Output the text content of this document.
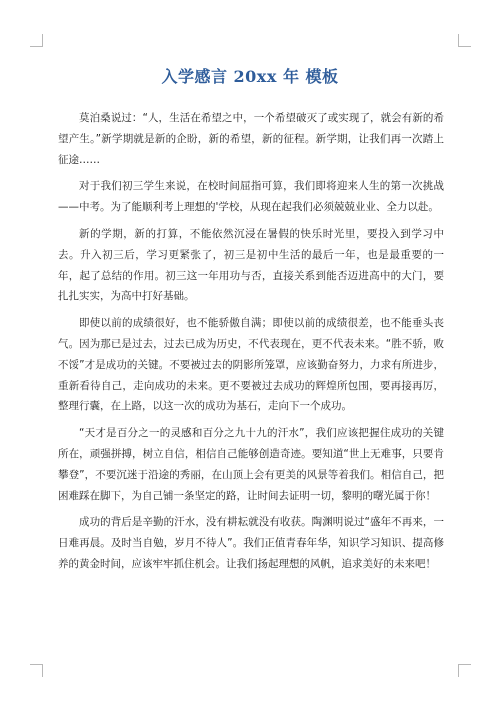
入学感言 20xx 年 模板

莫泊桑说过：“人，生活在希望之中，一个希望破灭了或实现了，就会有新的希望产生。”新学期就是新的企盼，新的希望，新的征程。新学期，让我们再一次踏上征途……

对于我们初三学生来说，在校时间屈指可算，我们即将迎来人生的第一次挑战——中考。为了能顺利考上理想的'学校，从现在起我们必须兢兢业业、全力以赴。

新的学期，新的打算，不能依然沉浸在暑假的快乐时光里，要投入到学习中去。升入初三后，学习更紧张了，初三是初中生活的最后一年，也是最重要的一年，起了总结的作用。初三这一年用功与否，直接关系到能否迈进高中的大门，要扎扎实实，为高中打好基础。

即使以前的成绩很好，也不能骄傲自满；即使以前的成绩很差，也不能垂头丧气。因为那已是过去，过去已成为历史，不代表现在，更不代表未来。“胜不骄，败不馁”才是成功的关键。不要被过去的阴影所笼罩，应该勤奋努力，力求有所进步，重新看待自己，走向成功的未来。更不要被过去成功的辉煌所包围，要再接再厉，整理行囊，在上路，以这一次的成功为基石，走向下一个成功。

“天才是百分之一的灵感和百分之九十九的汗水”，我们应该把握住成功的关键所在，顽强拼搏，树立自信，相信自己能够创造奇迹。要知道“世上无难事，只要肯攀登”，不要沉迷于沿途的秀丽，在山顶上会有更美的风景等着我们。相信自己，把困难踩在脚下，为自己铺一条坚定的路，让时间去证明一切，黎明的曙光属于你！

成功的背后是辛勤的汗水，没有耕耘就没有收获。陶渊明说过“盛年不再来，一日难再晨。及时当自勉，岁月不待人”。我们正值青春年华，知识学习知识、提高修养的黄金时间，应该牢牢抓住机会。让我们扬起理想的风帆，追求美好的未来吧！
